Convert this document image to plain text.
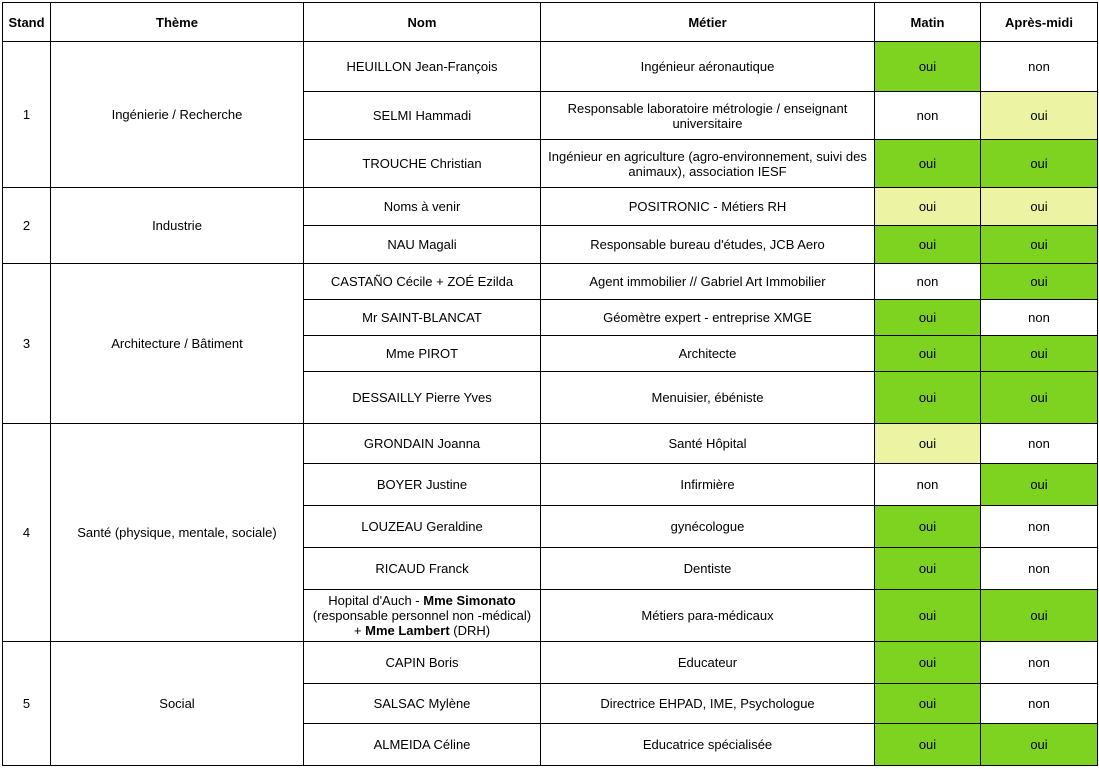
Stand	Thème	Nom	Métier	Matin	Après-midi
1	Ingénierie / Recherche	HEUILLON Jean-François	Ingénieur aéronautique	oui	non
		SELMI Hammadi	Responsable laboratoire métrologie / enseignant universitaire	non	oui
		TROUCHE Christian	Ingénieur en agriculture (agro-environnement, suivi des animaux), association IESF	oui	oui
2	Industrie	Noms à venir	POSITRONIC - Métiers RH	oui	oui
		NAU Magali	Responsable bureau d'études, JCB Aero	oui	oui
3	Architecture / Bâtiment	CASTAÑO Cécile + ZOÉ Ezilda	Agent immobilier // Gabriel Art Immobilier	non	oui
		Mr SAINT-BLANCAT	Géomètre expert - entreprise XMGE	oui	non
		Mme PIROT	Architecte	oui	oui
		DESSAILLY Pierre Yves	Menuisier, ébéniste	oui	oui
4	Santé (physique, mentale, sociale)	GRONDAIN Joanna	Santé Hôpital	oui	non
		BOYER Justine	Infirmière	non	oui
		LOUZEAU Geraldine	gynécologue	oui	non
		RICAUD Franck	Dentiste	oui	non
		Hopital d'Auch - Mme Simonato (responsable personnel non -médical) + Mme Lambert (DRH)	Métiers para-médicaux	oui	oui
5	Social	CAPIN Boris	Educateur	oui	non
		SALSAC Mylène	Directrice EHPAD, IME, Psychologue	oui	non
		ALMEIDA Céline	Educatrice spécialisée	oui	oui
